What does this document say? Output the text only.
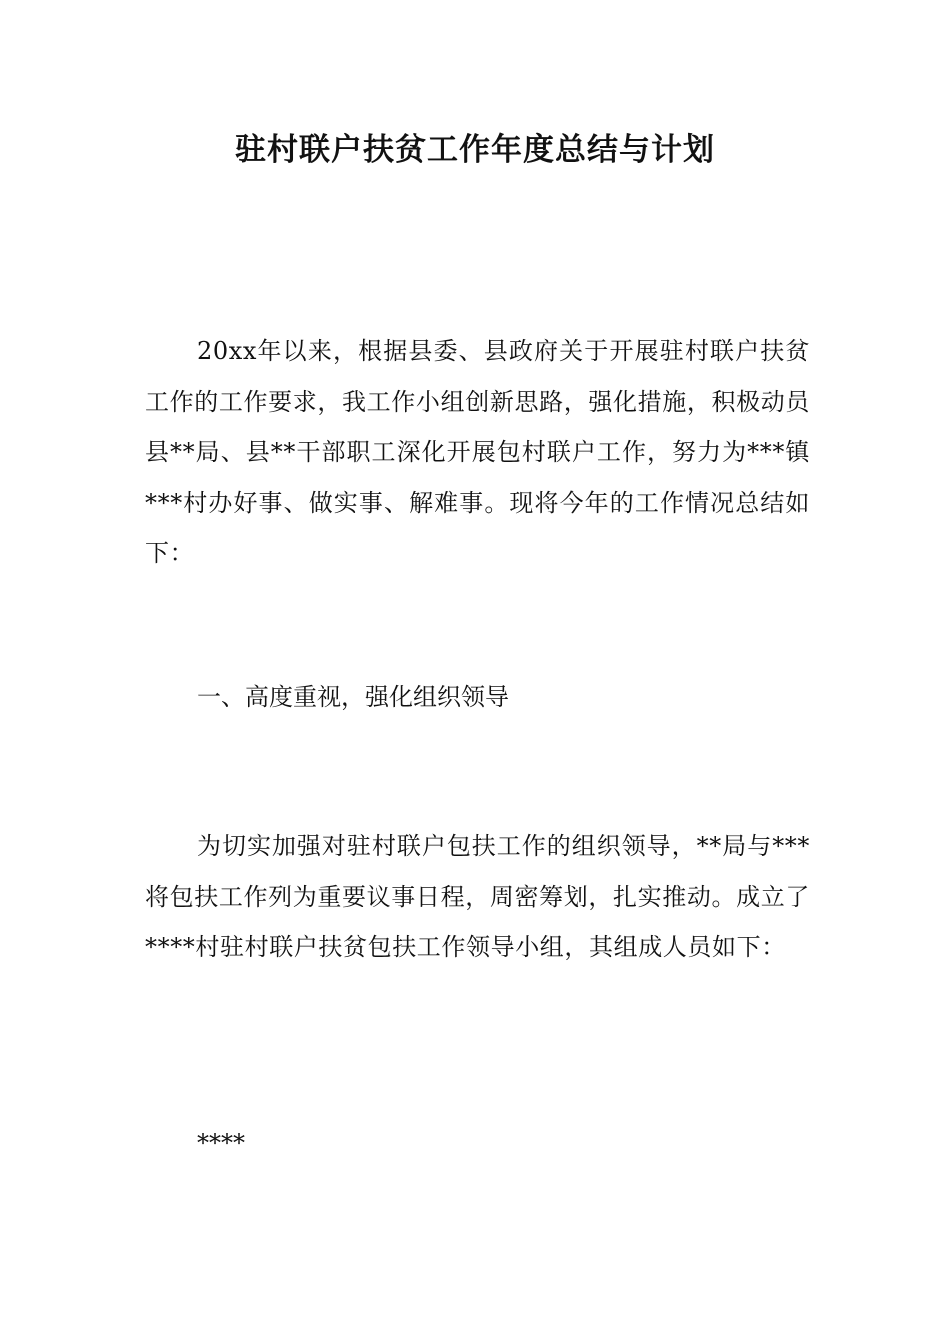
驻村联户扶贫工作年度总结与计划

20xx年以来，根据县委、县政府关于开展驻村联户扶贫工作的工作要求，我工作小组创新思路，强化措施，积极动员县**局、县**干部职工深化开展包村联户工作，努力为***镇***村办好事、做实事、解难事。现将今年的工作情况总结如下：

一、高度重视，强化组织领导

为切实加强对驻村联户包扶工作的组织领导，**局与***将包扶工作列为重要议事日程，周密筹划，扎实推动。成立了****村驻村联户扶贫包扶工作领导小组，其组成人员如下：

****
